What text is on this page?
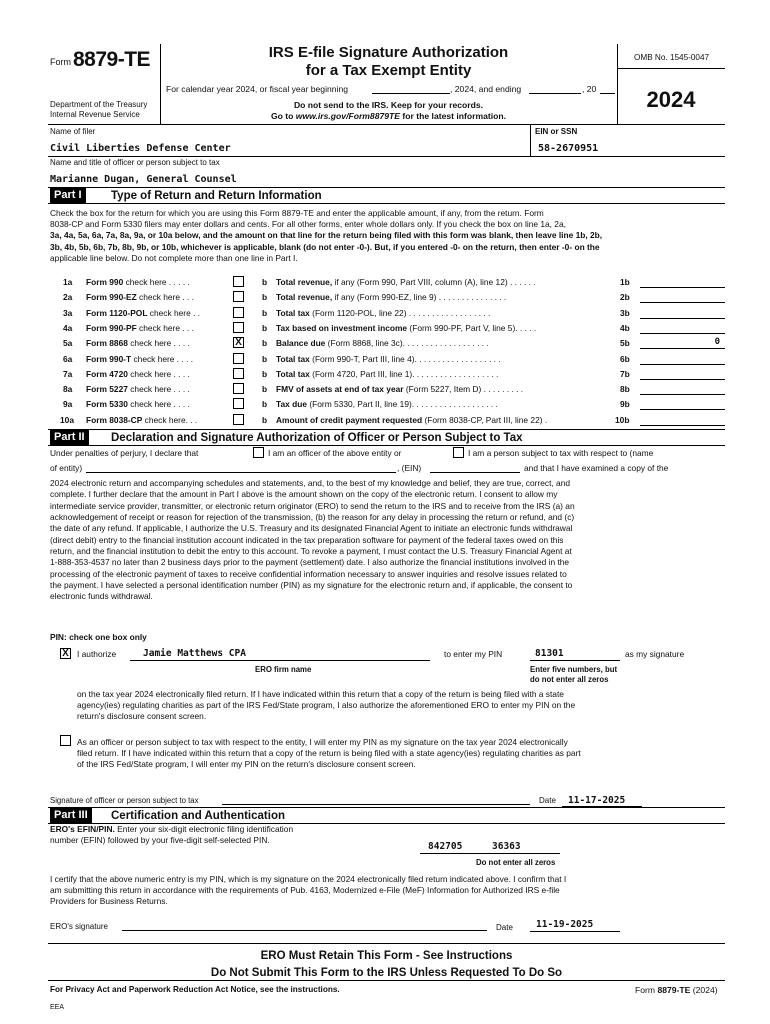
Form 8879-TE
Department of the Treasury
Internal Revenue Service
IRS E-file Signature Authorization
for a Tax Exempt Entity
For calendar year 2024, or fiscal year beginning	, 2024, and ending	, 20
Do not send to the IRS. Keep for your records.
Go to www.irs.gov/Form8879TE for the latest information.
OMB No. 1545-0047
2024
Name of filer
Civil Liberties Defense Center
EIN or SSN
58-2670951
Name and title of officer or person subject to tax
Marianne Dugan, General Counsel
Part I	Type of Return and Return Information
Check the box for the return for which you are using this Form 8879-TE and enter the applicable amount, if any, from the return. Form
8038-CP and Form 5330 filers may enter dollars and cents. For all other forms, enter whole dollars only. If you check the box on line 1a, 2a,
3a, 4a, 5a, 6a, 7a, 8a, 9a, or 10a below, and the amount on that line for the return being filed with this form was blank, then leave line 1b, 2b,
3b, 4b, 5b, 6b, 7b, 8b, 9b, or 10b, whichever is applicable, blank (do not enter -0-). But, if you entered -0- on the return, then enter -0- on the
applicable line below. Do not complete more than one line in Part I.
1a Form 990 check here . . . . .	b Total revenue, if any (Form 990, Part VIII, column (A), line 12) . . . . . .	1b
2a Form 990-EZ check here . . .	b Total revenue, if any (Form 990-EZ, line 9) . . . . . . . . . . . . . . .	2b
3a Form 1120-POL check here . .	b Total tax (Form 1120-POL, line 22) . . . . . . . . . . . . . . . . . .	3b
4a Form 990-PF check here . . .	b Tax based on investment income (Form 990-PF, Part V, line 5). . . . .	4b
5a Form 8868 check here . . . .	X b Balance due (Form 8868, line 3c). . . . . . . . . . . . . . . . . . .	5b	0
6a Form 990-T check here . . . .	b Total tax (Form 990-T, Part III, line 4). . . . . . . . . . . . . . . . . . .	6b
7a Form 4720 check here . . . .	b Total tax (Form 4720, Part III, line 1). . . . . . . . . . . . . . . . . . .	7b
8a Form 5227 check here . . . .	b FMV of assets at end of tax year (Form 5227, Item D) . . . . . . . . .	8b
9a Form 5330 check here . . . .	b Tax due (Form 5330, Part II, line 19). . . . . . . . . . . . . . . . . . .	9b
10a Form 8038-CP check here. . .	b Amount of credit payment requested (Form 8038-CP, Part III, line 22) .	10b
Part II	Declaration and Signature Authorization of Officer or Person Subject to Tax
Under penalties of perjury, I declare that	I am an officer of the above entity or	I am a person subject to tax with respect to (name
of entity)	, (EIN)	and that I have examined a copy of the
2024 electronic return and accompanying schedules and statements, and, to the best of my knowledge and belief, they are true, correct, and
complete. I further declare that the amount in Part I above is the amount shown on the copy of the electronic return. I consent to allow my
intermediate service provider, transmitter, or electronic return originator (ERO) to send the return to the IRS and to receive from the IRS (a) an
acknowledgement of receipt or reason for rejection of the transmission, (b) the reason for any delay in processing the return or refund, and (c)
the date of any refund. If applicable, I authorize the U.S. Treasury and its designated Financial Agent to initiate an electronic funds withdrawal
(direct debit) entry to the financial institution account indicated in the tax preparation software for payment of the federal taxes owed on this
return, and the financial institution to debit the entry to this account. To revoke a payment, I must contact the U.S. Treasury Financial Agent at
1-888-353-4537 no later than 2 business days prior to the payment (settlement) date. I also authorize the financial institutions involved in the
processing of the electronic payment of taxes to receive confidential information necessary to answer inquiries and resolve issues related to
the payment. I have selected a personal identification number (PIN) as my signature for the electronic return and, if applicable, the consent to
electronic funds withdrawal.
PIN: check one box only
X I authorize	Jamie Matthews CPA
ERO firm name
to enter my PIN	81301	as my signature
Enter five numbers, but
do not enter all zeros
on the tax year 2024 electronically filed return. If I have indicated within this return that a copy of the return is being filed with a state
agency(ies) regulating charities as part of the IRS Fed/State program, I also authorize the aforementioned ERO to enter my PIN on the
return's disclosure consent screen.
As an officer or person subject to tax with respect to the entity, I will enter my PIN as my signature on the tax year 2024 electronically
filed return. If I have indicated within this return that a copy of the return is being filed with a state agency(ies) regulating charities as part
of the IRS Fed/State program, I will enter my PIN on the return's disclosure consent screen.
Signature of officer or person subject to tax	Date 11-17-2025
Part III	Certification and Authentication
ERO's EFIN/PIN. Enter your six-digit electronic filing identification
number (EFIN) followed by your five-digit self-selected PIN.
842705	36363
Do not enter all zeros
I certify that the above numeric entry is my PIN, which is my signature on the 2024 electronically filed return indicated above. I confirm that I
am submitting this return in accordance with the requirements of Pub. 4163, Modernized e-File (MeF) Information for Authorized IRS e-file
Providers for Business Returns.
ERO's signature	Date 11-19-2025
ERO Must Retain This Form - See Instructions
Do Not Submit This Form to the IRS Unless Requested To Do So
For Privacy Act and Paperwork Reduction Act Notice, see the instructions.	Form 8879-TE (2024)
EEA
